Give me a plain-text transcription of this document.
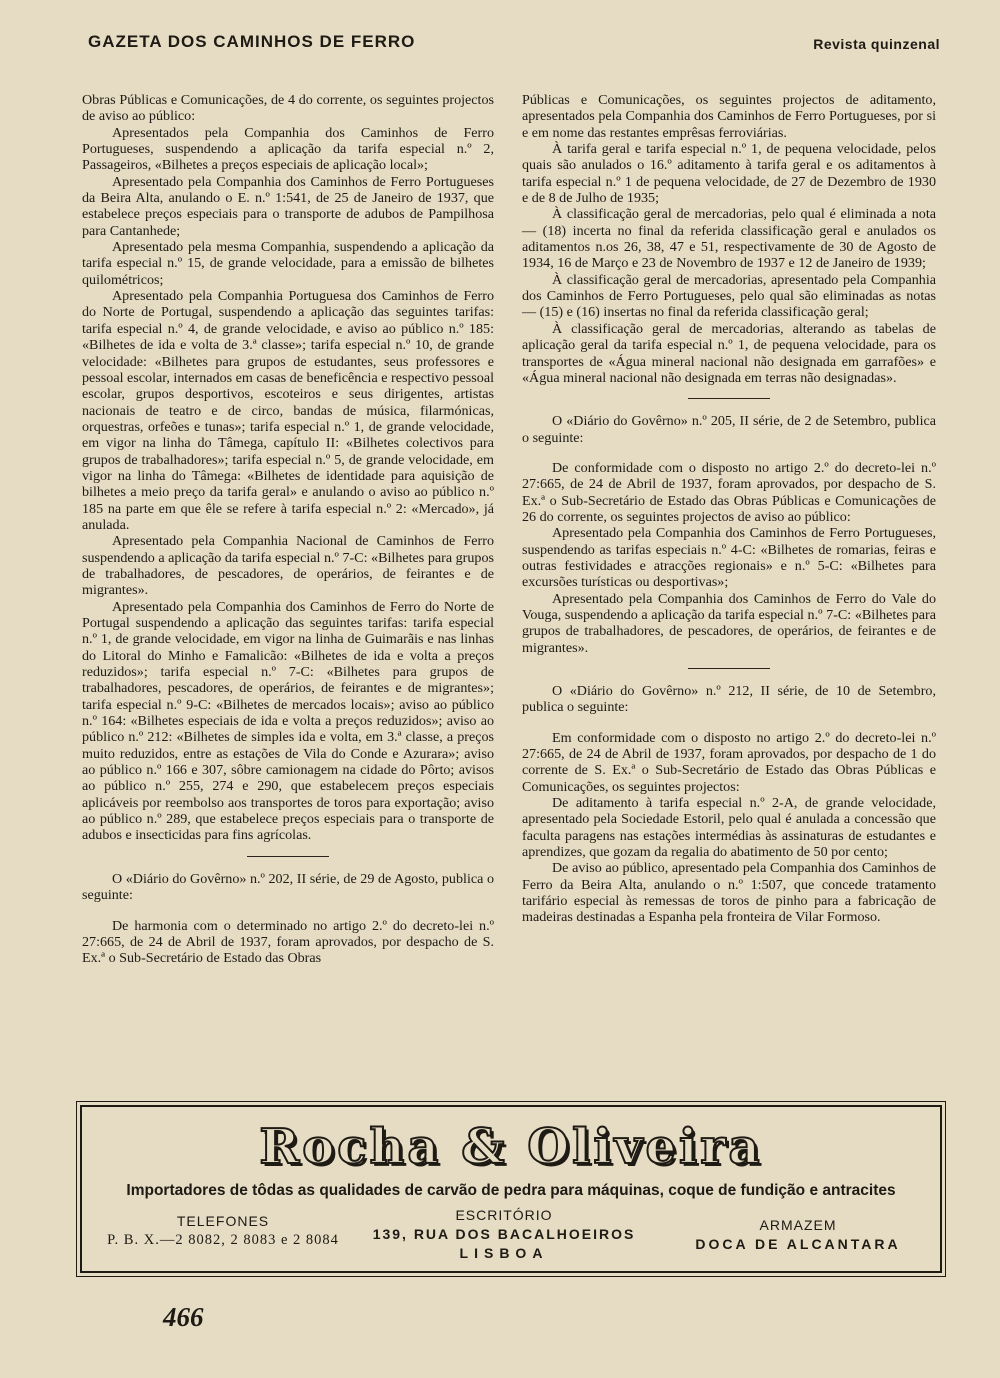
GAZETA DOS CAMINHOS DE FERRO	Revista quinzenal

Obras Públicas e Comunicações, de 4 do corrente, os seguintes projectos de aviso ao público:

Apresentados pela Companhia dos Caminhos de Ferro Portugueses, suspendendo a aplicação da tarifa especial n.º 2, Passageiros, «Bilhetes a preços especiais de aplicação local»;

Apresentado pela Companhia dos Caminhos de Ferro Portugueses da Beira Alta, anulando o E. n.º 1:541, de 25 de Janeiro de 1937, que estabelece preços especiais para o transporte de adubos de Pampilhosa para Cantanhede;

Apresentado pela mesma Companhia, suspendendo a aplicação da tarifa especial n.º 15, de grande velocidade, para a emissão de bilhetes quilométricos;

Apresentado pela Companhia Portuguesa dos Caminhos de Ferro do Norte de Portugal, suspendendo a aplicação das seguintes tarifas: tarifa especial n.º 4, de grande velocidade, e aviso ao público n.º 185: «Bilhetes de ida e volta de 3.ª classe»; tarifa especial n.º 10, de grande velocidade: «Bilhetes para grupos de estudantes, seus professores e pessoal escolar, internados em casas de beneficência e respectivo pessoal escolar, grupos desportivos, escoteiros e seus dirigentes, artistas nacionais de teatro e de circo, bandas de música, filarmónicas, orquestras, orfeões e tunas»; tarifa especial n.º 1, de grande velocidade, em vigor na linha do Tâmega, capítulo II: «Bilhetes colectivos para grupos de trabalhadores»; tarifa especial n.º 5, de grande velocidade, em vigor na linha do Tâmega: «Bilhetes de identidade para aquisição de bilhetes a meio preço da tarifa geral» e anulando o aviso ao público n.º 185 na parte em que êle se refere à tarifa especial n.º 2: «Mercado», já anulada.

Apresentado pela Companhia Nacional de Caminhos de Ferro suspendendo a aplicação da tarifa especial n.º 7-C: «Bilhetes para grupos de trabalhadores, de pescadores, de operários, de feirantes e de migrantes».

Apresentado pela Companhia dos Caminhos de Ferro do Norte de Portugal suspendendo a aplicação das seguintes tarifas: tarifa especial n.º 1, de grande velocidade, em vigor na linha de Guimarãis e nas linhas do Litoral do Minho e Famalicão: «Bilhetes de ida e volta a preços reduzidos»; tarifa especial n.º 7-C: «Bilhetes para grupos de trabalhadores, pescadores, de operários, de feirantes e de migrantes»; tarifa especial n.º 9-C: «Bilhetes de mercados locais»; aviso ao público n.º 164: «Bilhetes especiais de ida e volta a preços reduzidos»; aviso ao público n.º 212: «Bilhetes de simples ida e volta, em 3.ª classe, a preços muito reduzidos, entre as estações de Vila do Conde e Azurara»; aviso ao público n.º 166 e 307, sôbre camionagem na cidade do Pôrto; avisos ao público n.º 255, 274 e 290, que estabelecem preços especiais aplicáveis por reembolso aos transportes de toros para exportação; aviso ao público n.º 289, que estabelece preços especiais para o transporte de adubos e insecticidas para fins agrícolas.

O «Diário do Govêrno» n.º 202, II série, de 29 de Agosto, publica o seguinte:

De harmonia com o determinado no artigo 2.º do decreto-lei n.º 27:665, de 24 de Abril de 1937, foram aprovados, por despacho de S. Ex.ª o Sub-Secretário de Estado das Obras

Públicas e Comunicações, os seguintes projectos de aditamento, apresentados pela Companhia dos Caminhos de Ferro Portugueses, por si e em nome das restantes emprêsas ferroviárias.

À tarifa geral e tarifa especial n.º 1, de pequena velocidade, pelos quais são anulados o 16.º aditamento à tarifa geral e os aditamentos à tarifa especial n.º 1 de pequena velocidade, de 27 de Dezembro de 1930 e de 8 de Julho de 1935;

À classificação geral de mercadorias, pelo qual é eliminada a nota — (18) incerta no final da referida classificação geral e anulados os aditamentos n.os 26, 38, 47 e 51, respectivamente de 30 de Agosto de 1934, 16 de Março e 23 de Novembro de 1937 e 12 de Janeiro de 1939;

À classificação geral de mercadorias, apresentado pela Companhia dos Caminhos de Ferro Portugueses, pelo qual são eliminadas as notas — (15) e (16) insertas no final da referida classificação geral;

À classificação geral de mercadorias, alterando as tabelas de aplicação geral da tarifa especial n.º 1, de pequena velocidade, para os transportes de «Água mineral nacional não designada em garrafões» e «Água mineral nacional não designada em terras não designadas».

O «Diário do Govêrno» n.º 205, II série, de 2 de Setembro, publica o seguinte:

De conformidade com o disposto no artigo 2.º do decreto-lei n.º 27:665, de 24 de Abril de 1937, foram aprovados, por despacho de S. Ex.ª o Sub-Secretário de Estado das Obras Públicas e Comunicações de 26 do corrente, os seguintes projectos de aviso ao público:

Apresentado pela Companhia dos Caminhos de Ferro Portugueses, suspendendo as tarifas especiais n.º 4-C: «Bilhetes de romarias, feiras e outras festividades e atracções regionais» e n.º 5-C: «Bilhetes para excursões turísticas ou desportivas»;

Apresentado pela Companhia dos Caminhos de Ferro do Vale do Vouga, suspendendo a aplicação da tarifa especial n.º 7-C: «Bilhetes para grupos de trabalhadores, de pescadores, de operários, de feirantes e de migrantes».

O «Diário do Govêrno» n.º 212, II série, de 10 de Setembro, publica o seguinte:

Em conformidade com o disposto no artigo 2.º do decreto-lei n.º 27:665, de 24 de Abril de 1937, foram aprovados, por despacho de 1 do corrente de S. Ex.ª o Sub-Secretário de Estado das Obras Públicas e Comunicações, os seguintes projectos:

De aditamento à tarifa especial n.º 2-A, de grande velocidade, apresentado pela Sociedade Estoril, pelo qual é anulada a concessão que faculta paragens nas estações intermédias às assinaturas de estudantes e aprendizes, que gozam da regalia do abatimento de 50 por cento;

De aviso ao público, apresentado pela Companhia dos Caminhos de Ferro da Beira Alta, anulando o n.º 1:507, que concede tratamento tarifário especial às remessas de toros de pinho para a fabricação de madeiras destinadas a Espanha pela fronteira de Vilar Formoso.

Rocha & Oliveira
Importadores de tôdas as qualidades de carvão de pedra para máquinas, coque de fundição e antracites
TELEFONES
P. B. X.—2 8082, 2 8083 e 2 8084
ESCRITÓRIO
139, RUA DOS BACALHOEIROS
LISBOA
ARMAZEM
DOCA DE ALCANTARA
466
